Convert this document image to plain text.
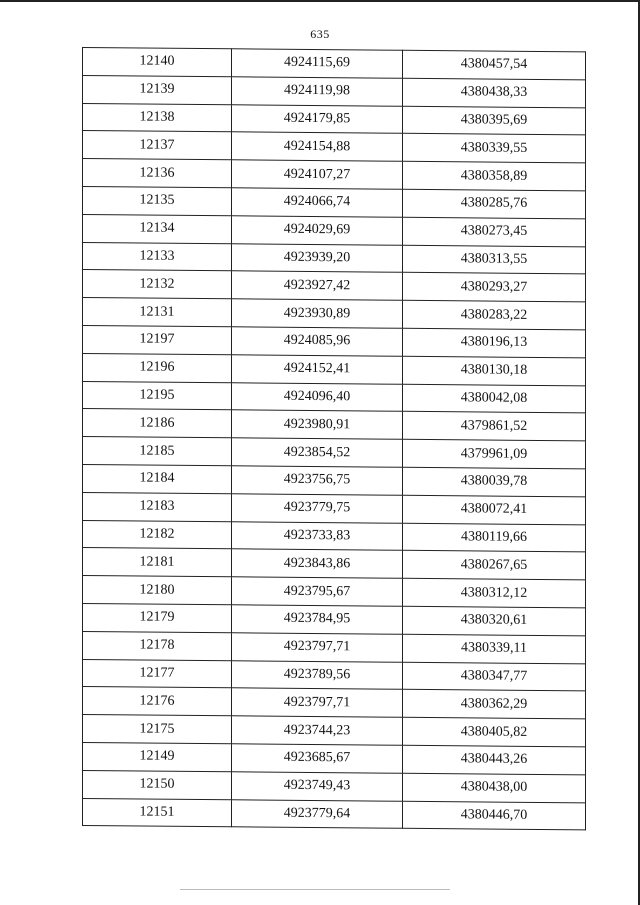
635
12140	4924115,69	4380457,54
12139	4924119,98	4380438,33
12138	4924179,85	4380395,69
12137	4924154,88	4380339,55
12136	4924107,27	4380358,89
12135	4924066,74	4380285,76
12134	4924029,69	4380273,45
12133	4923939,20	4380313,55
12132	4923927,42	4380293,27
12131	4923930,89	4380283,22
12197	4924085,96	4380196,13
12196	4924152,41	4380130,18
12195	4924096,40	4380042,08
12186	4923980,91	4379861,52
12185	4923854,52	4379961,09
12184	4923756,75	4380039,78
12183	4923779,75	4380072,41
12182	4923733,83	4380119,66
12181	4923843,86	4380267,65
12180	4923795,67	4380312,12
12179	4923784,95	4380320,61
12178	4923797,71	4380339,11
12177	4923789,56	4380347,77
12176	4923797,71	4380362,29
12175	4923744,23	4380405,82
12149	4923685,67	4380443,26
12150	4923749,43	4380438,00
12151	4923779,64	4380446,70
